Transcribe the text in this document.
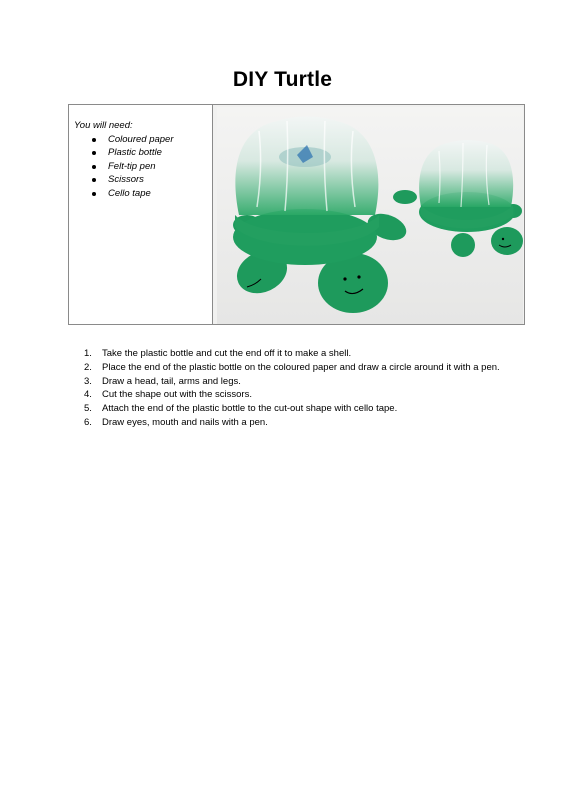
DIY Turtle
You will need:
Coloured paper
Plastic bottle
Felt-tip pen
Scissors
Cello tape
1.	Take the plastic bottle and cut the end off it to make a shell.
2.	Place the end of the plastic bottle on the coloured paper and draw a circle around it with a pen.
3.	Draw a head, tail, arms and legs.
4.	Cut the shape out with the scissors.
5.	Attach the end of the plastic bottle to the cut-out shape with cello tape.
6.	Draw eyes, mouth and nails with a pen.
